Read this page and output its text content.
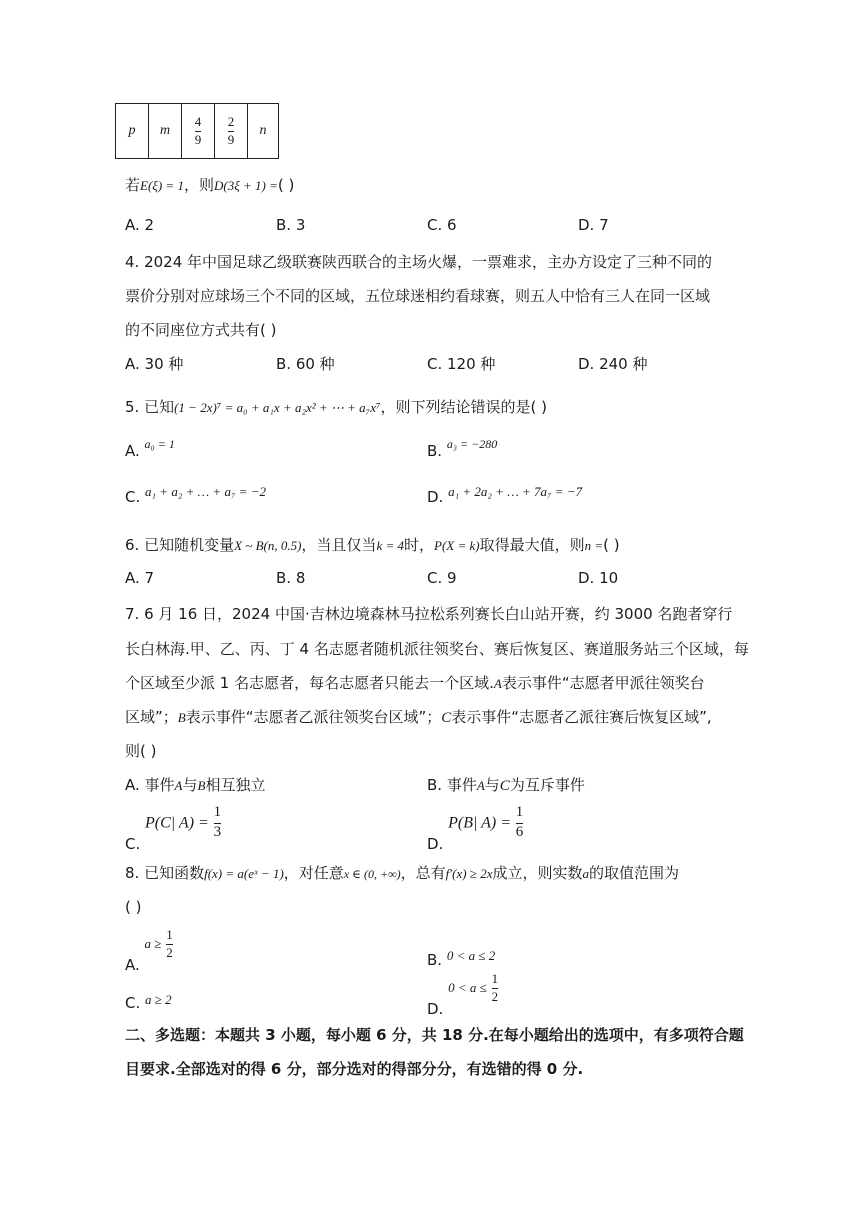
p	m	$\frac{4}{9}$	$\frac{2}{9}$	n
若E(ξ) = 1，则D(3ξ + 1) =( )
A. 2	B. 3	C. 6	D. 7
4. 2024 年中国足球乙级联赛陕西联合的主场火爆，一票难求，主办方设定了三种不同的
票价分别对应球场三个不同的区域，五位球迷相约看球赛，则五人中恰有三人在同一区域
的不同座位方式共有( )
A. 30 种	B. 60 种	C. 120 种	D. 240 种
5. 已知(1 − 2x)⁷ = a₀ + a₁x + a₂x² + ⋯ + a₇x⁷，则下列结论错误的是( )
A. $^{a_0 = 1}$	B. $^{a_3 = -280}$
C. a₁ + a₂ + … + a₇ = −2	D. a₁ + 2a₂ + … + 7a₇ = −7
6. 已知随机变量X ~ B(n, 0.5)，当且仅当k = 4时，P(X = k)取得最大值，则n =( )
A. 7	B. 8	C. 9	D. 10
7. 6 月 16 日，2024 中国·吉林边境森林马拉松系列赛长白山站开赛，约 3000 名跑者穿行
长白林海.甲、乙、丙、丁 4 名志愿者随机派往领奖台、赛后恢复区、赛道服务站三个区域，每
个区域至少派 1 名志愿者，每名志愿者只能去一个区域.A表示事件“志愿者甲派往领奖台
区域”；B表示事件“志愿者乙派往领奖台区域”；C表示事件“志愿者乙派往赛后恢复区域”,
则( )
A. 事件A与B相互独立	B. 事件A与C为互斥事件
C. P(C| $A) = \frac{1}{3}$
D. P(B| $A) = \frac{1}{6}$
8. 已知函数f(x) = a(eˣ − 1)，对任意x ∈ (0, +∞)，总有f′(x) ≥ 2x成立，则实数a的取值范围为
( )
A. $a \ge \frac{1}{2}$
B. 0 < a ≤ 2
C. a ≥ 2
D. $0 < a \le \frac{1}{2}$
二、多选题：本题共 3 小题，每小题 6 分，共 18 分.在每小题给出的选项中，有多项符合题
目要求.全部选对的得 6 分，部分选对的得部分分，有选错的得 0 分.
